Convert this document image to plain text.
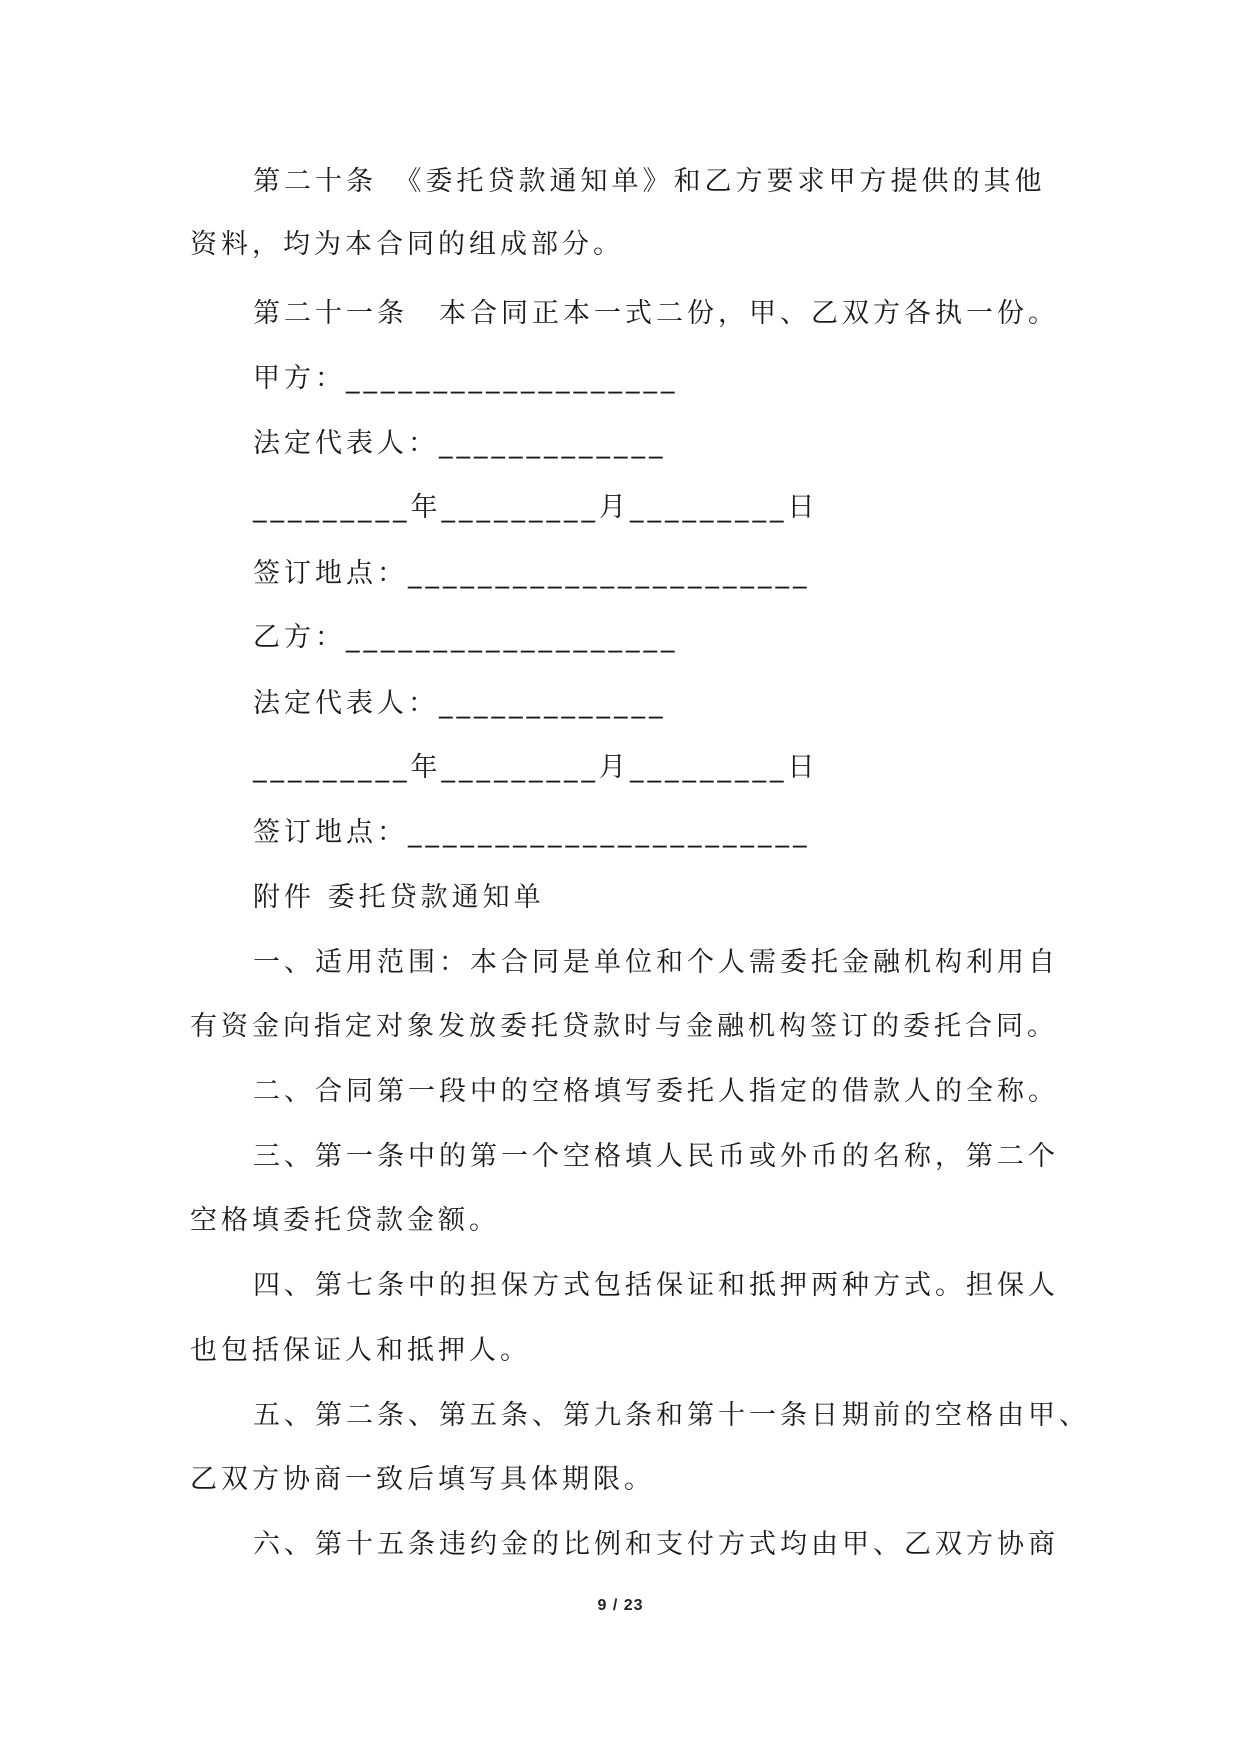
第二十条　《委托贷款通知单》和乙方要求甲方提供的其他
资料，均为本合同的组成部分。
第二十一条　本合同正本一式二份，甲、乙双方各执一份。
甲方：___________________
法定代表人：_____________
_________年_________月_________日
签订地点：_______________________
乙方：___________________
法定代表人：_____________
_________年_________月_________日
签订地点：_______________________
附件 委托贷款通知单
一、适用范围：本合同是单位和个人需委托金融机构利用自
有资金向指定对象发放委托贷款时与金融机构签订的委托合同。
二、合同第一段中的空格填写委托人指定的借款人的全称。
三、第一条中的第一个空格填人民币或外币的名称，第二个
空格填委托贷款金额。
四、第七条中的担保方式包括保证和抵押两种方式。担保人
也包括保证人和抵押人。
五、第二条、第五条、第九条和第十一条日期前的空格由甲、
乙双方协商一致后填写具体期限。
六、第十五条违约金的比例和支付方式均由甲、乙双方协商
9 / 23
